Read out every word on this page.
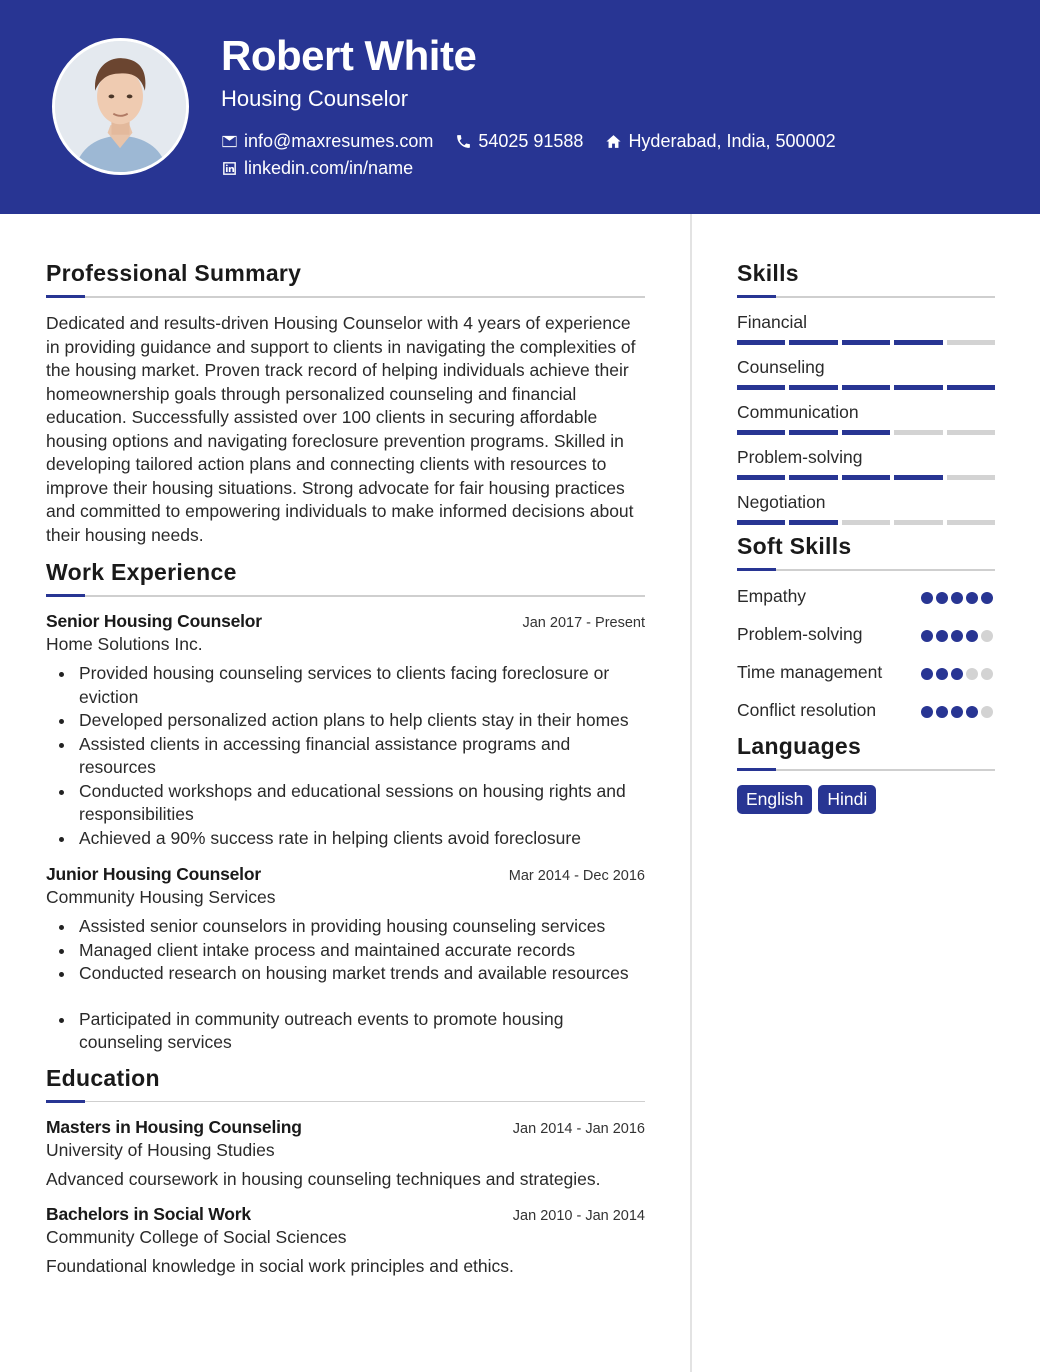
Robert White
Housing Counselor
info@maxresumes.com	54025 91588	Hyderabad, India, 500002
linkedin.com/in/name
Professional Summary
Dedicated and results-driven Housing Counselor with 4 years of experience in providing guidance and support to clients in navigating the complexities of the housing market. Proven track record of helping individuals achieve their homeownership goals through personalized counseling and financial education. Successfully assisted over 100 clients in securing affordable housing options and navigating foreclosure prevention programs. Skilled in developing tailored action plans and connecting clients with resources to improve their housing situations. Strong advocate for fair housing practices and committed to empowering individuals to make informed decisions about their housing needs.
Work Experience
Senior Housing Counselor	Jan 2017 - Present
Home Solutions Inc.
Provided housing counseling services to clients facing foreclosure or eviction
Developed personalized action plans to help clients stay in their homes
Assisted clients in accessing financial assistance programs and resources
Conducted workshops and educational sessions on housing rights and responsibilities
Achieved a 90% success rate in helping clients avoid foreclosure
Junior Housing Counselor	Mar 2014 - Dec 2016
Community Housing Services
Assisted senior counselors in providing housing counseling services
Managed client intake process and maintained accurate records
Conducted research on housing market trends and available resources
Participated in community outreach events to promote housing counseling services
Education
Masters in Housing Counseling	Jan 2014 - Jan 2016
University of Housing Studies
Advanced coursework in housing counseling techniques and strategies.
Bachelors in Social Work	Jan 2010 - Jan 2014
Community College of Social Sciences
Foundational knowledge in social work principles and ethics.
Skills
Financial
Counseling
Communication
Problem-solving
Negotiation
Soft Skills
Empathy
Problem-solving
Time management
Conflict resolution
Languages
English	Hindi
